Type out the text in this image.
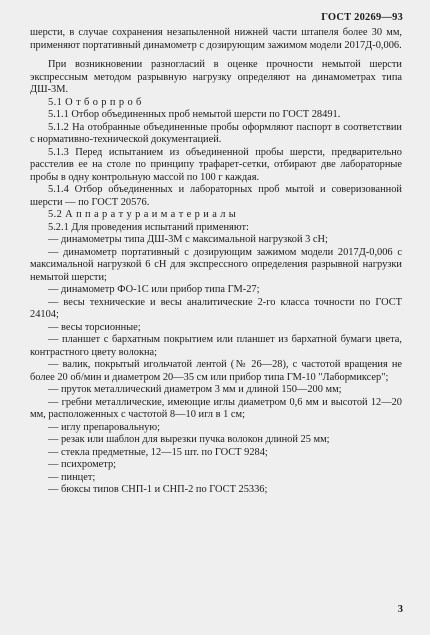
ГОСТ 20269—93

шерсти, в случае сохранения незапыленной нижней части штапеля более 30 мм, применяют портативный динамометр с дозирующим зажимом модели 2017Д-0,006.

При возникновении разногласий в оценке прочности немытой шерсти экспрессным методом разрывную нагрузку определяют на динамометрах типа ДШ-3М.

5.1 О т б о р п р о б

5.1.1 Отбор объединенных проб немытой шерсти по ГОСТ 28491.

5.1.2 На отобранные объединенные пробы оформляют паспорт в соответствии с нормативно-технической документацией.

5.1.3 Перед испытанием из объединенной пробы шерсти, предварительно расстелив ее на столе по принципу трафарет-сетки, отбирают две лабораторные пробы в одну контрольную массой по 100 г каждая.

5.1.4 Отбор объединенных и лабораторных проб мытой и соверизованной шерсти — по ГОСТ 20576.

5.2 А п п а р а т у р а и м а т е р и а л ы

5.2.1 Для проведения испытаний применяют:

— динамометры типа ДШ-3М с максимальной нагрузкой 3 сН;

— динамометр портативный с дозирующим зажимом модели 2017Д-0,006 с максимальной нагрузкой 6 сН для экспрессного определения разрывной нагрузки немытой шерсти;

— динамометр ФО-1С или прибор типа ГМ-27;

— весы технические и весы аналитические 2-го класса точности по ГОСТ 24104;

— весы торсионные;

— планшет с бархатным покрытием или планшет из бархатной бумаги цвета, контрастного цвету волокна;

— валик, покрытый игольчатой лентой (№ 26—28), с частотой вращения не более 20 об/мин и диаметром 20—35 см или прибор типа ГМ-10 "Лабормиксер";

— пруток металлический диаметром 3 мм и длиной 150—200 мм;

— гребни металлические, имеющие иглы диаметром 0,6 мм и высотой 12—20 мм, расположенных с частотой 8—10 игл в 1 см;

— иглу препаровальную;

— резак или шаблон для вырезки пучка волокон длиной 25 мм;

— стекла предметные, 12—15 шт. по ГОСТ 9284;

— психрометр;

— пинцет;

— бюксы типов СНП-1 и СНП-2 по ГОСТ 25336;

3
